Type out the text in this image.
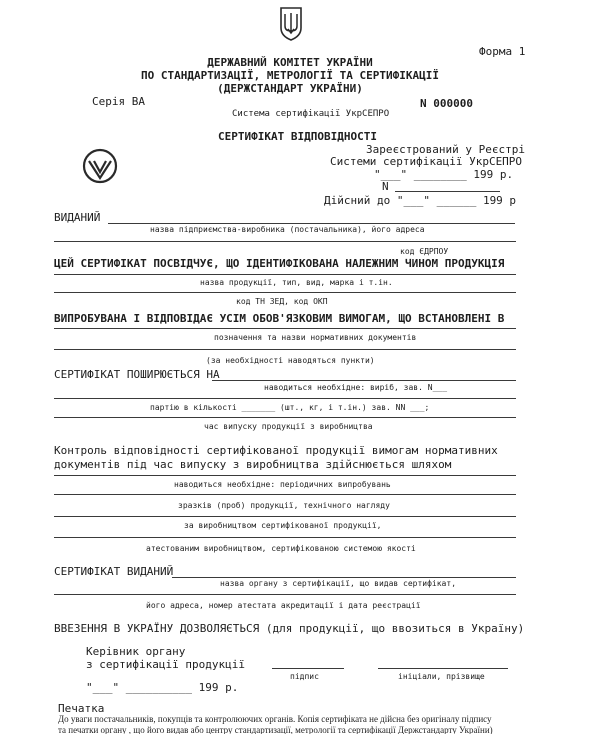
Форма 1
ДЕРЖАВНИЙ КОМІТЕТ УКРАЇНИ
ПО СТАНДАРТИЗАЦІЇ, МЕТРОЛОГІЇ ТА СЕРТИФІКАЦІЇ
(ДЕРЖСТАНДАРТ УКРАЇНИ)
Серія ВА	N 000000
Система сертифікації УкрСЕПРО
СЕРТИФІКАТ ВІДПОВІДНОСТІ
Зареєстрований у Реєстрі
Системи сертифікації УкрСЕПРО
"___" ________ 199 р.
N
Дійсний до "___" ______ 199 р
ВИДАНИЙ
назва підприємства-виробника (постачальника), його адреса
код ЄДРПОУ
ЦЕЙ СЕРТИФІКАТ ПОСВІДЧУЄ, ЩО ІДЕНТИФІКОВАНА НАЛЕЖНИМ ЧИНОМ ПРОДУКЦІЯ
назва продукції, тип, вид, марка і т.ін.
код ТН ЗЕД, код ОКП
ВИПРОБУВАНА І ВІДПОВІДАЄ УСІМ ОБОВ'ЯЗКОВИМ ВИМОГАМ, ЩО ВСТАНОВЛЕНІ В
позначення та назви нормативних документів
(за необхідності наводяться пункти)
СЕРТИФІКАТ ПОШИРЮЄТЬСЯ НА
наводиться необхідне: виріб, зав. N___
партію в кількості _______ (шт., кг, і т.ін.) зав. NN ___;
час випуску продукції з виробництва
Контроль відповідності сертифікованої продукції вимогам нормативних
документів під час випуску з виробництва здійснюється шляхом
наводиться необхідне: періодичних випробувань
зразків (проб) продукції, технічного нагляду
за виробництвом сертифікованої продукції,
атестованим виробництвом, сертифікованою системою якості
СЕРТИФІКАТ ВИДАНИЙ
назва органу з сертифікації, що видав сертифікат,
його адреса, номер атестата акредитації і дата реєстрації
ВВЕЗЕННЯ В УКРАЇНУ ДОЗВОЛЯЄТЬСЯ (для продукції, що ввозиться в Україну)
Керівник органу
з сертифікації продукції
підпис	ініціали, прізвище
"___" __________ 199 р.
Печатка
До уваги постачальників, покупців та контролюючих органів. Копія сертифіката не дійсна без оригіналу підпису
та печатки органу , що його видав або центру стандартизації, метрології та сертифікації Держстандарту України)
